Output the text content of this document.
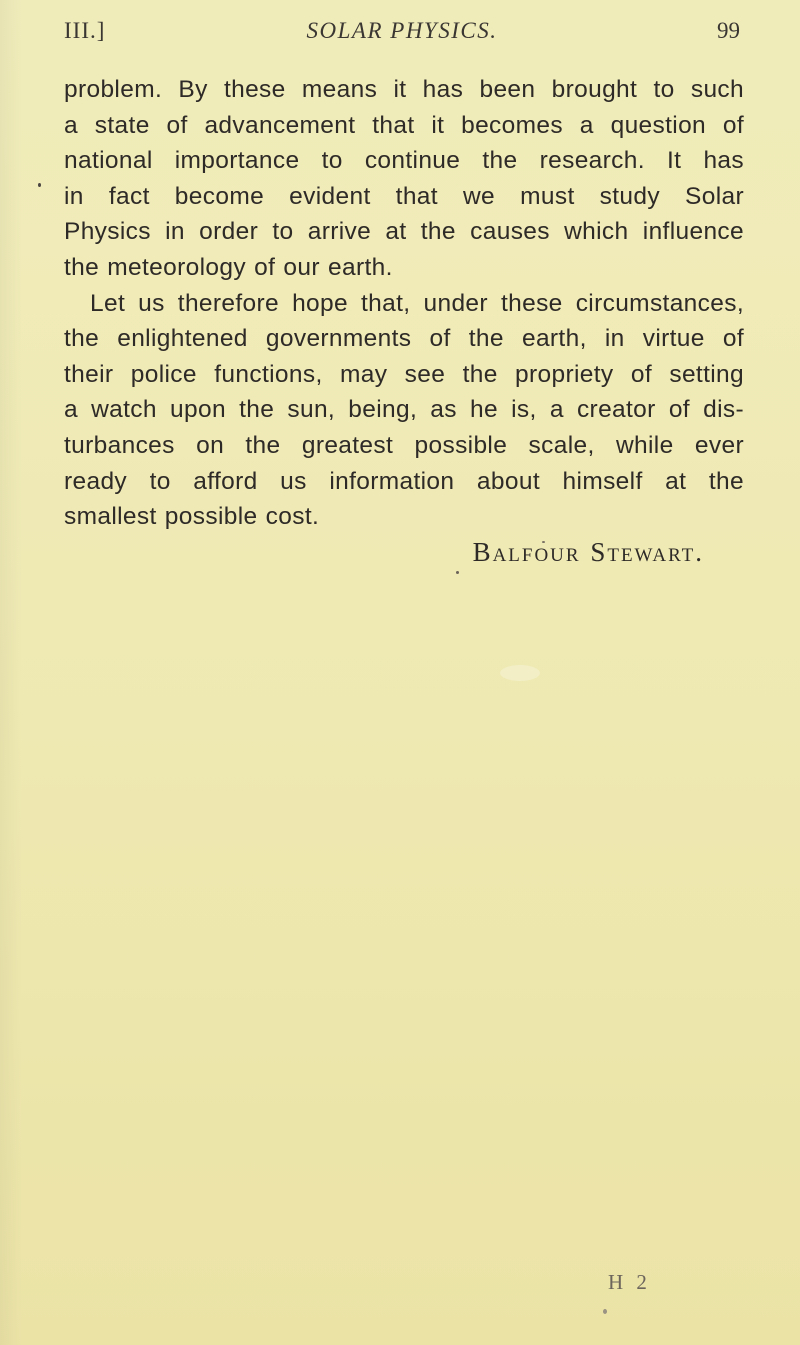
III.]	SOLAR PHYSICS.	99
problem. By these means it has been brought to such
a state of advancement that it becomes a question of
national importance to continue the research. It has
in fact become evident that we must study Solar
Physics in order to arrive at the causes which influence
the meteorology of our earth.
Let us therefore hope that, under these circumstances,
the enlightened governments of the earth, in virtue of
their police functions, may see the propriety of setting
a watch upon the sun, being, as he is, a creator of dis-
turbances on the greatest possible scale, while ever
ready to afford us information about himself at the
smallest possible cost.
Balfour Stewart.
H 2
